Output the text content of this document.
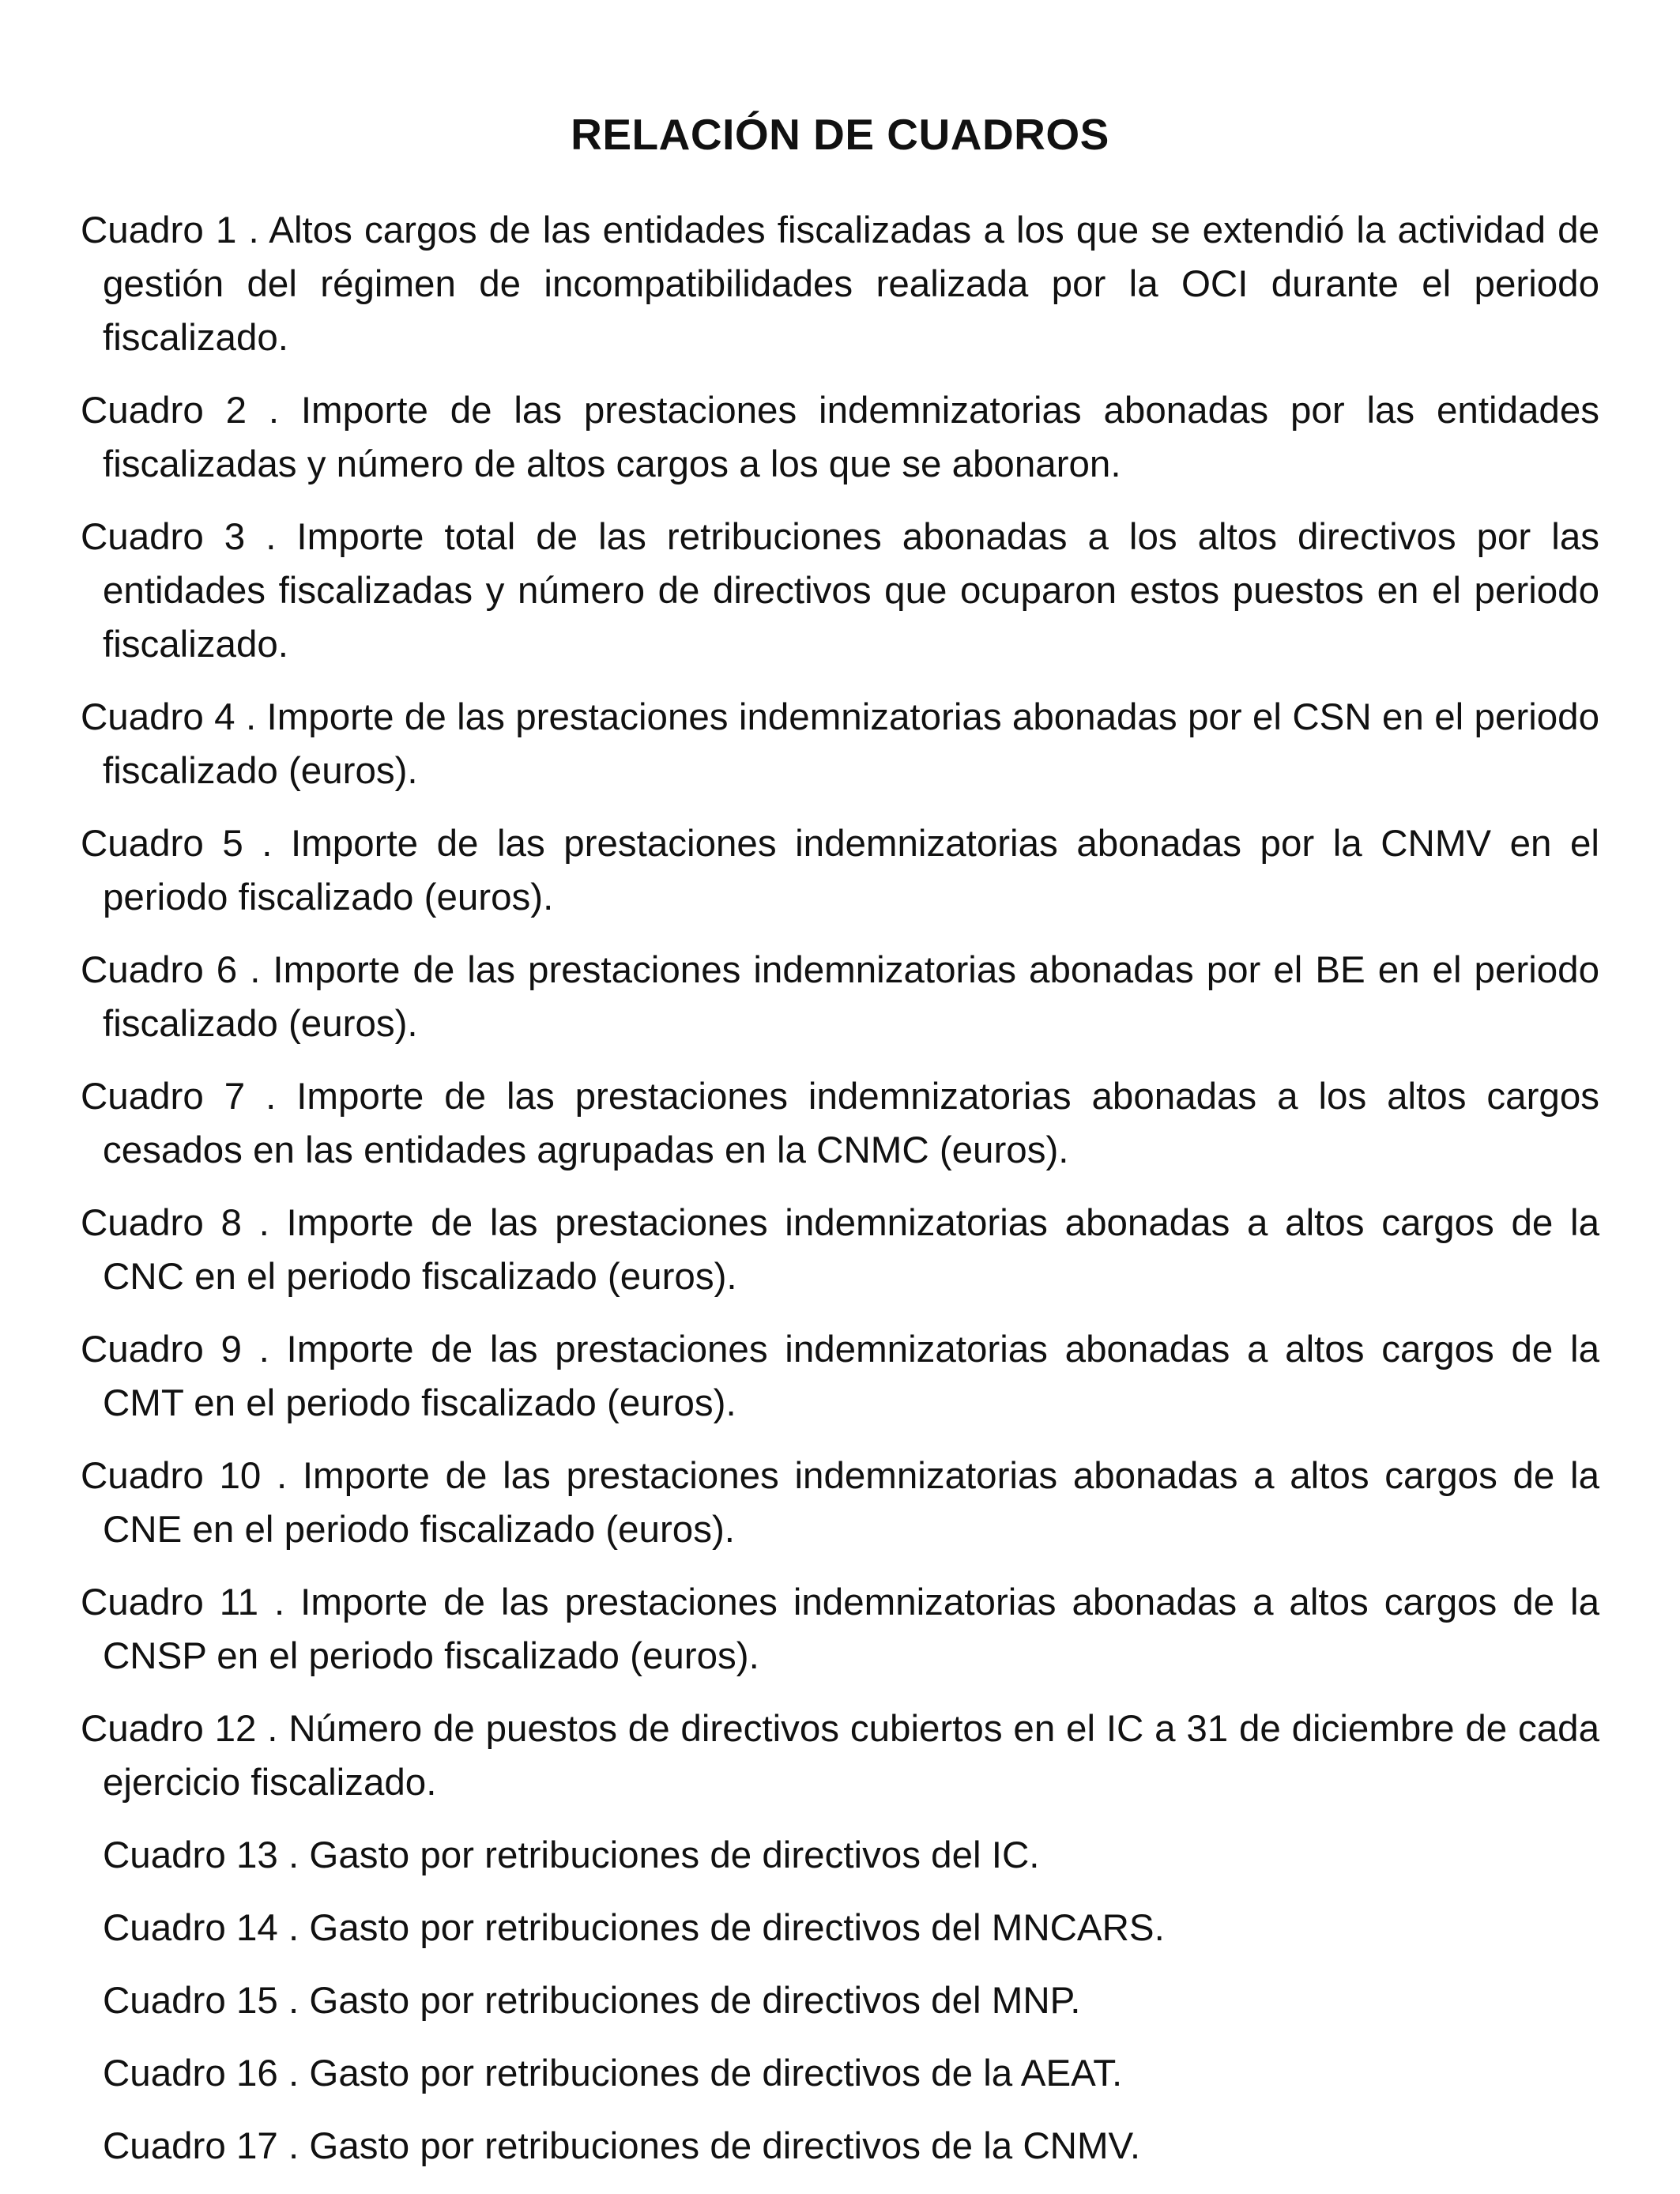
RELACIÓN DE CUADROS

Cuadro 1 . Altos cargos de las entidades fiscalizadas a los que se extendió la actividad de gestión del régimen de incompatibilidades realizada por la OCI durante el periodo fiscalizado.

Cuadro 2 . Importe de las prestaciones indemnizatorias abonadas por las entidades fiscalizadas y número de altos cargos a los que se abonaron.

Cuadro 3 . Importe total de las retribuciones abonadas a los altos directivos por las entidades fiscalizadas y número de directivos que ocuparon estos puestos en el periodo fiscalizado.

Cuadro 4 . Importe de las prestaciones indemnizatorias abonadas por el CSN en el periodo fiscalizado (euros).

Cuadro 5 . Importe de las prestaciones indemnizatorias abonadas por la CNMV en el periodo fiscalizado (euros).

Cuadro 6 . Importe de las prestaciones indemnizatorias abonadas por el BE en el periodo fiscalizado (euros).

Cuadro 7 . Importe de las prestaciones indemnizatorias abonadas a los altos cargos cesados en las entidades agrupadas en la CNMC (euros).

Cuadro 8 . Importe de las prestaciones indemnizatorias abonadas a altos cargos de la CNC en el periodo fiscalizado (euros).

Cuadro 9 . Importe de las prestaciones indemnizatorias abonadas a altos cargos de la CMT en el periodo fiscalizado (euros).

Cuadro 10 . Importe de las prestaciones indemnizatorias abonadas a altos cargos de la CNE en el periodo fiscalizado (euros).

Cuadro 11 . Importe de las prestaciones indemnizatorias abonadas a altos cargos de la CNSP en el periodo fiscalizado (euros).

Cuadro 12 . Número de puestos de directivos cubiertos en el IC a 31 de diciembre de cada ejercicio fiscalizado.

Cuadro 13 . Gasto por retribuciones de directivos del IC.

Cuadro 14 . Gasto por retribuciones de directivos del MNCARS.

Cuadro 15 . Gasto por retribuciones de directivos del MNP.

Cuadro 16 . Gasto por retribuciones de directivos de la AEAT.

Cuadro 17 . Gasto por retribuciones de directivos de la CNMV.
